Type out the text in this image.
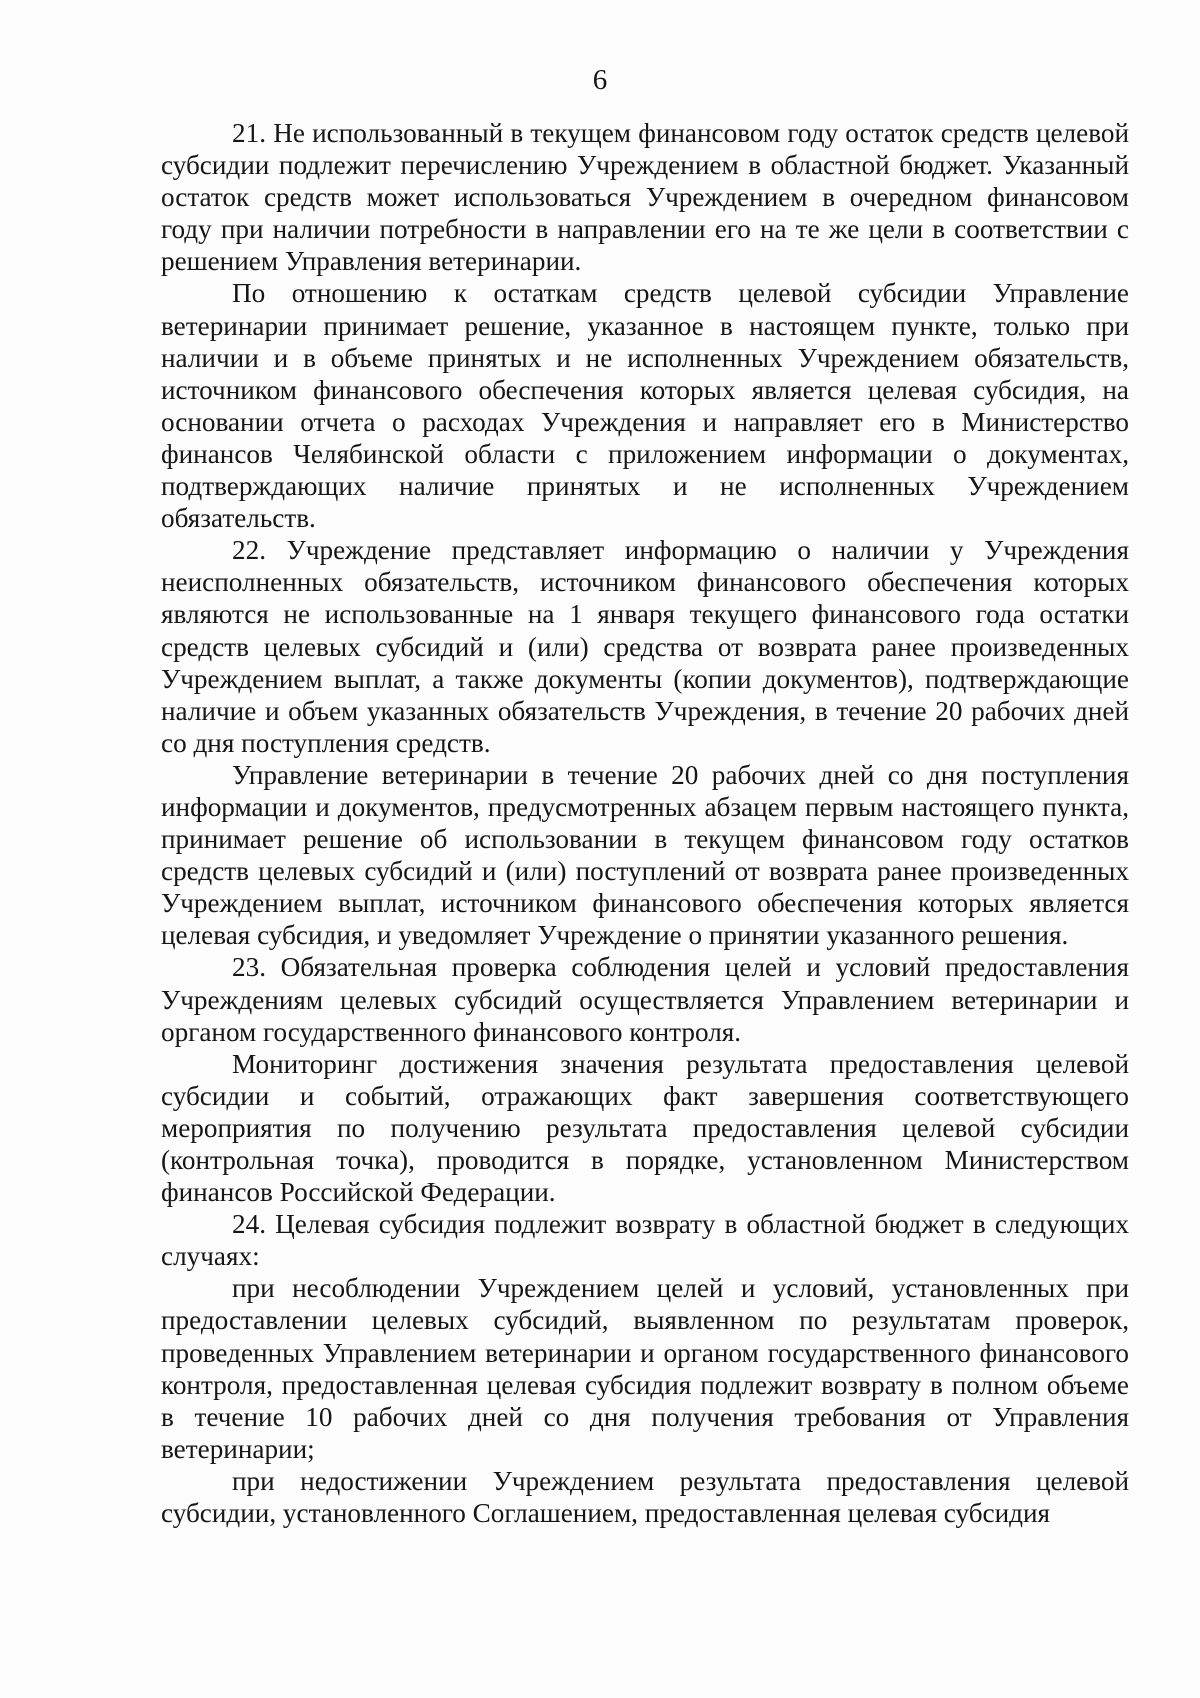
6

21. Не использованный в текущем финансовом году остаток средств целевой субсидии подлежит перечислению Учреждением в областной бюджет. Указанный остаток средств может использоваться Учреждением в очередном финансовом году при наличии потребности в направлении его на те же цели в соответствии с решением Управления ветеринарии.

По отношению к остаткам средств целевой субсидии Управление ветеринарии принимает решение, указанное в настоящем пункте, только при наличии и в объеме принятых и не исполненных Учреждением обязательств, источником финансового обеспечения которых является целевая субсидия, на основании отчета о расходах Учреждения и направляет его в Министерство финансов Челябинской области с приложением информации о документах, подтверждающих наличие принятых и не исполненных Учреждением обязательств.

22. Учреждение представляет информацию о наличии у Учреждения неисполненных обязательств, источником финансового обеспечения которых являются не использованные на 1 января текущего финансового года остатки средств целевых субсидий и (или) средства от возврата ранее произведенных Учреждением выплат, а также документы (копии документов), подтверждающие наличие и объем указанных обязательств Учреждения, в течение 20 рабочих дней со дня поступления средств.

Управление ветеринарии в течение 20 рабочих дней со дня поступления информации и документов, предусмотренных абзацем первым настоящего пункта, принимает решение об использовании в текущем финансовом году остатков средств целевых субсидий и (или) поступлений от возврата ранее произведенных Учреждением выплат, источником финансового обеспечения которых является целевая субсидия, и уведомляет Учреждение о принятии указанного решения.

23. Обязательная проверка соблюдения целей и условий предоставления Учреждениям целевых субсидий осуществляется Управлением ветеринарии и органом государственного финансового контроля.

Мониторинг достижения значения результата предоставления целевой субсидии и событий, отражающих факт завершения соответствующего мероприятия по получению результата предоставления целевой субсидии (контрольная точка), проводится в порядке, установленном Министерством финансов Российской Федерации.

24. Целевая субсидия подлежит возврату в областной бюджет в следующих случаях:

при несоблюдении Учреждением целей и условий, установленных при предоставлении целевых субсидий, выявленном по результатам проверок, проведенных Управлением ветеринарии и органом государственного финансового контроля, предоставленная целевая субсидия подлежит возврату в полном объеме в течение 10 рабочих дней со дня получения требования от Управления ветеринарии;

при недостижении Учреждением результата предоставления целевой субсидии, установленного Соглашением, предоставленная целевая субсидия
